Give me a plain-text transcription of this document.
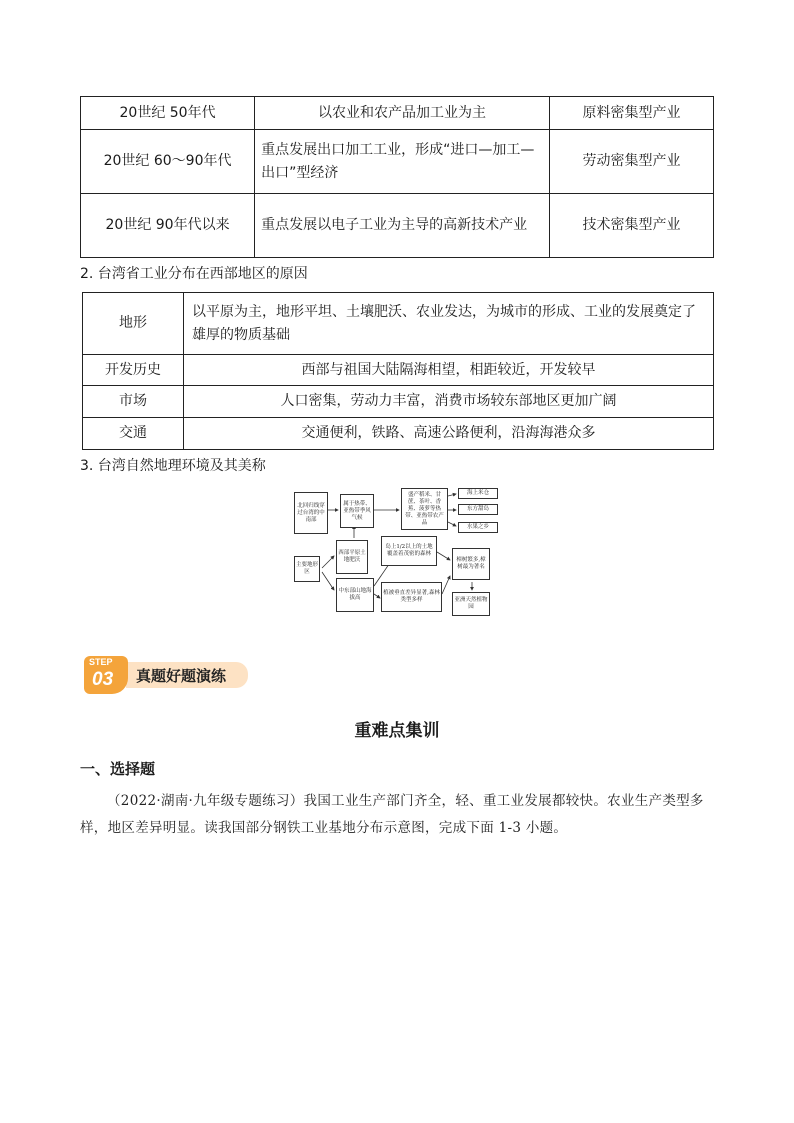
20世纪 50年代	以农业和农产品加工业为主	原料密集型产业
20世纪 60～90年代	重点发展出口加工工业，形成“进口—加工—出口”型经济	劳动密集型产业
20世纪 90年代以来	重点发展以电子工业为主导的高新技术产业	技术密集型产业
2. 台湾省工业分布在西部地区的原因
地形	以平原为主，地形平坦、土壤肥沃、农业发达，为城市的形成、工业的发展奠定了雄厚的物质基础
开发历史	西部与祖国大陆隔海相望，相距较近，开发较早
市场	人口密集，劳动力丰富，消费市场较东部地区更加广阔
交通	交通便利，铁路、高速公路便利，沿海海港众多
3. 台湾自然地理环境及其美称
北回归线穿过台湾的中南部
属于热带、亚热带季风气候
盛产稻米、甘蔗、茶叶、香蕉、菠萝等热带、亚热带农产品
海上米仓
东方甜岛
水果之乡
主要地形区
西部平原土地肥沃
中东部山地海拔高
岛上1/2以上的土地覆盖着茂密的森林
植被垂直差异显著,森林类型多样
樟树繁多,樟树最为著名
亚洲天然植物园
STEP
03 真题好题演练
重难点集训
一、选择题
（2022·湖南·九年级专题练习）我国工业生产部门齐全，轻、重工业发展都较快。农业生产类型多样，地区差异明显。读我国部分钢铁工业基地分布示意图，完成下面 1-3 小题。
